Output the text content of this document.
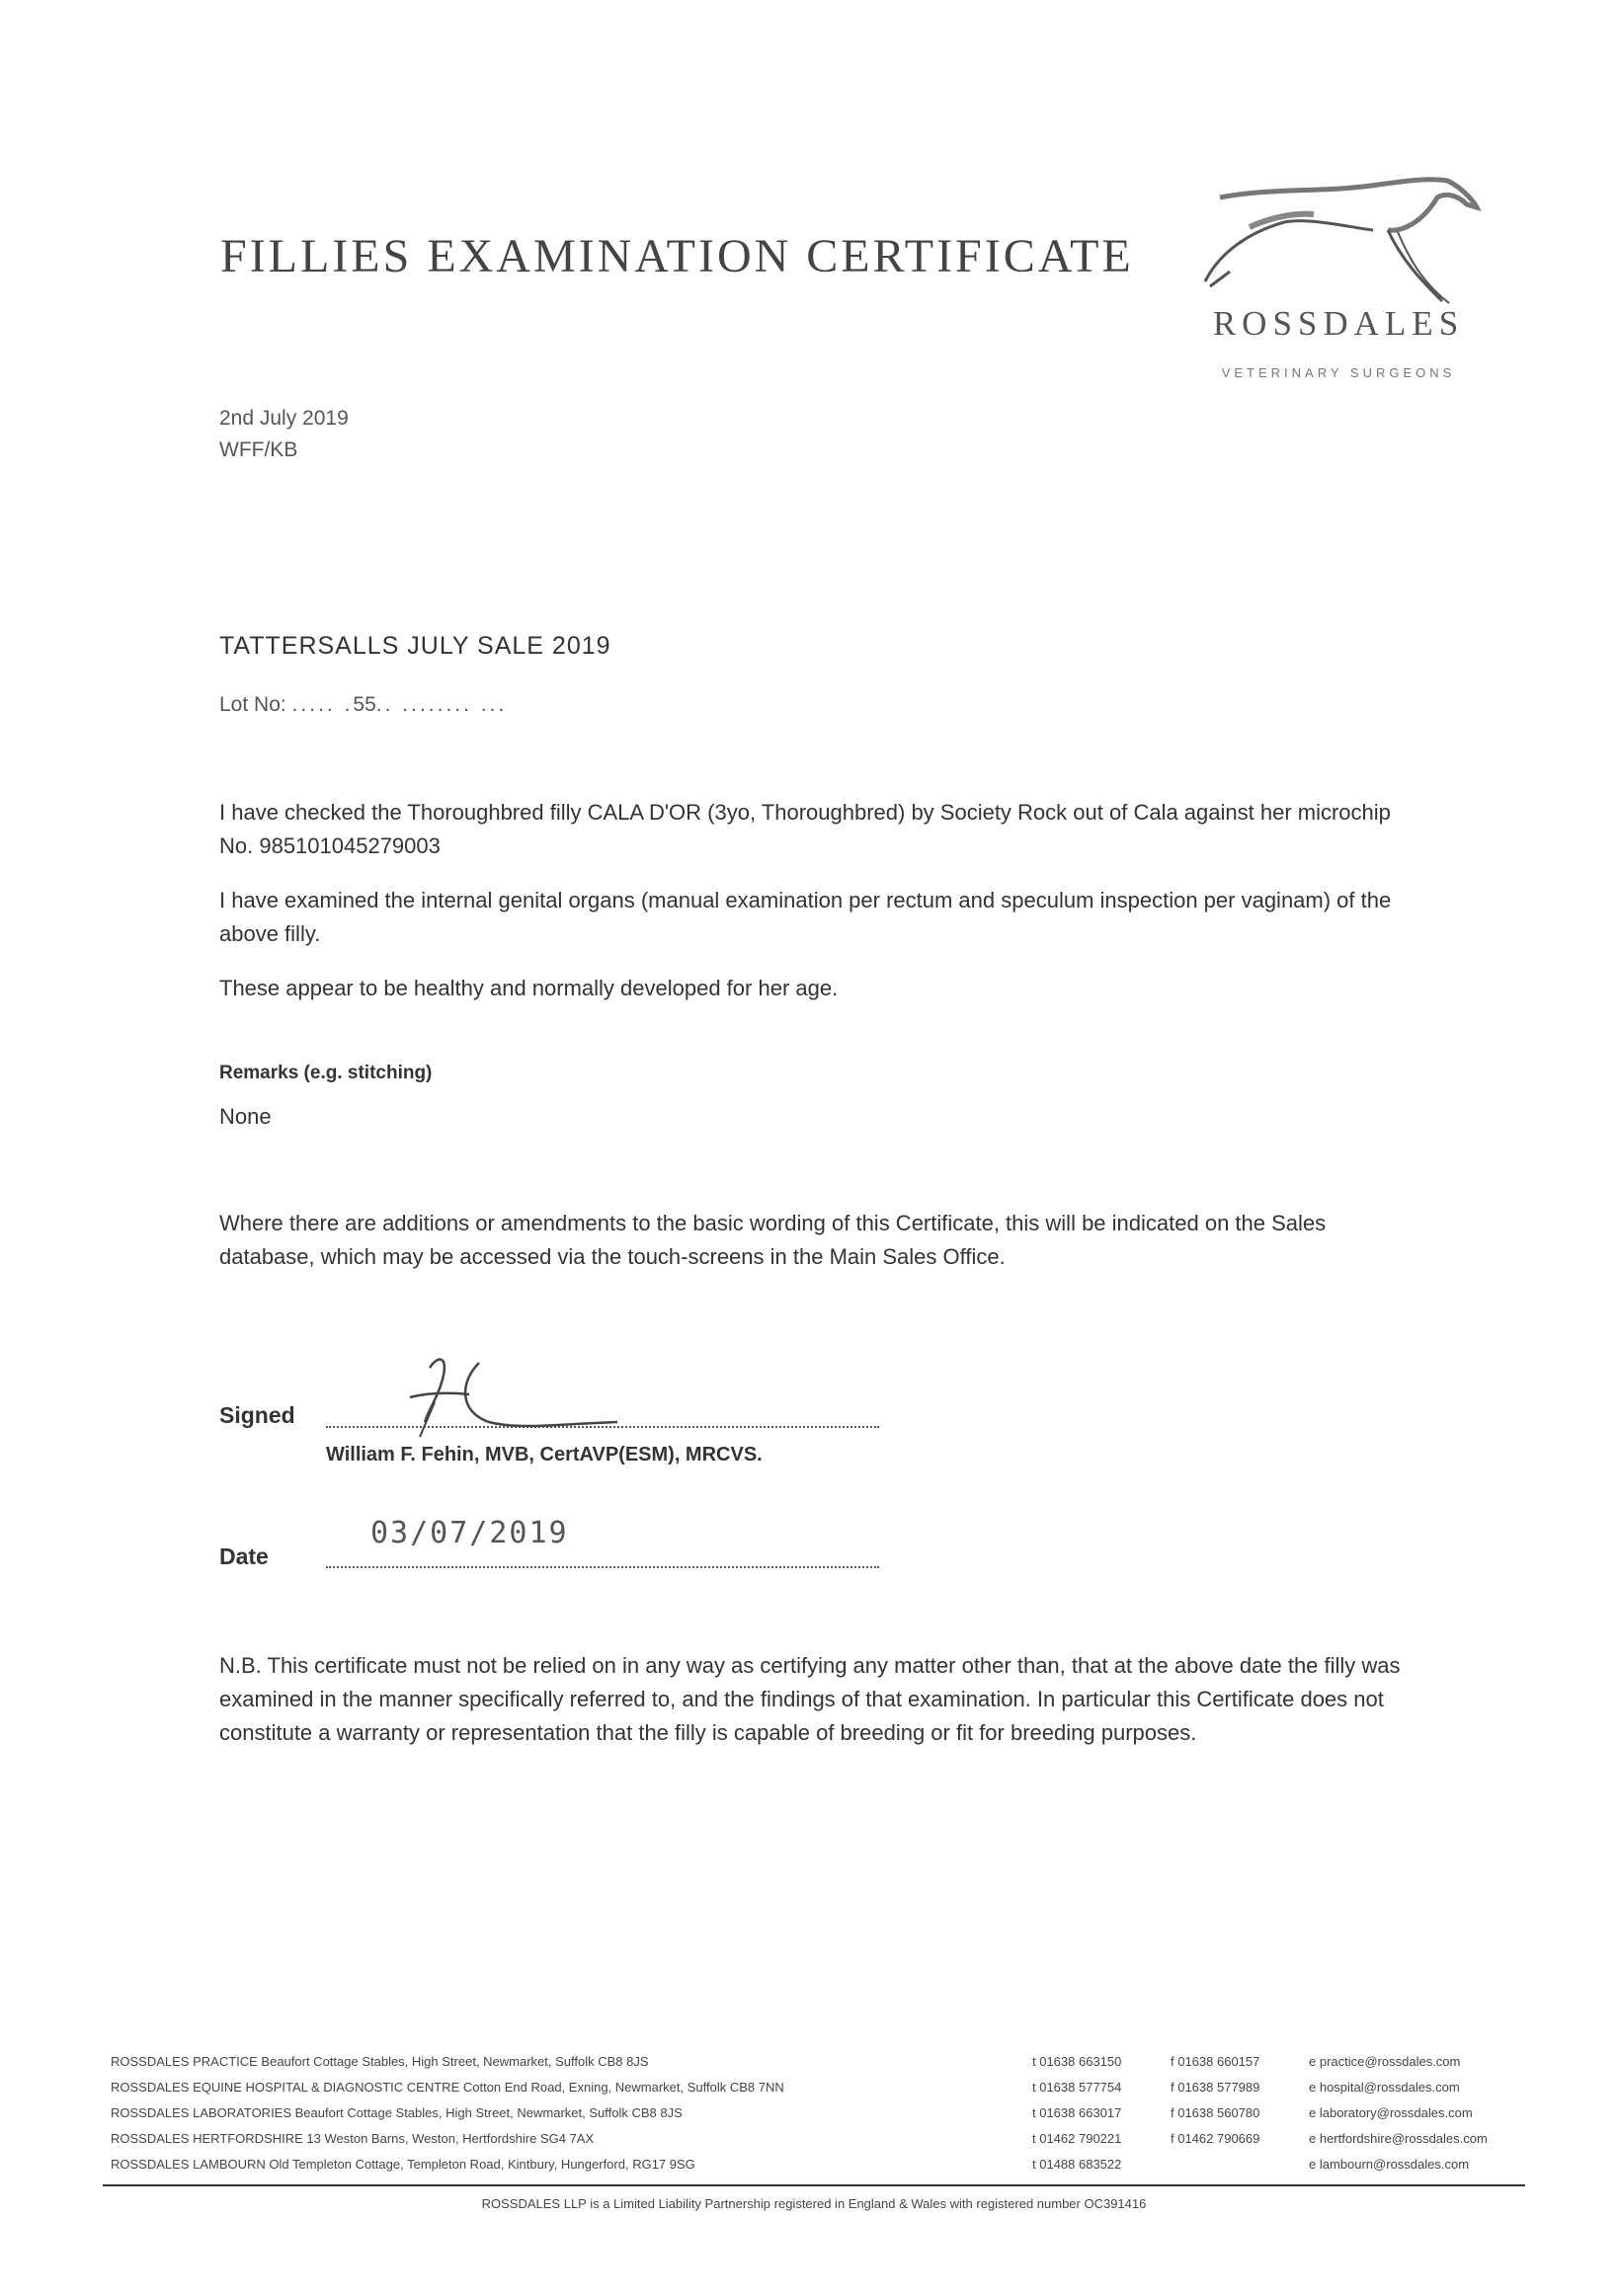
FILLIES EXAMINATION CERTIFICATE
ROSSDALES
VETERINARY SURGEONS
2nd July 2019
WFF/KB
TATTERSALLS JULY SALE 2019
Lot No: ..... .55.. ........ ...
I have checked the Thoroughbred filly CALA D'OR (3yo, Thoroughbred) by Society Rock out of Cala against her microchip No. 985101045279003
I have examined the internal genital organs (manual examination per rectum and speculum inspection per vaginam) of the above filly.
These appear to be healthy and normally developed for her age.
Remarks (e.g. stitching)
None
Where there are additions or amendments to the basic wording of this Certificate, this will be indicated on the Sales database, which may be accessed via the touch-screens in the Main Sales Office.
Signed
William F. Fehin, MVB, CertAVP(ESM), MRCVS.
Date
03/07/2019
N.B. This certificate must not be relied on in any way as certifying any matter other than, that at the above date the filly was examined in the manner specifically referred to, and the findings of that examination. In particular this Certificate does not constitute a warranty or representation that the filly is capable of breeding or fit for breeding purposes.
ROSSDALES PRACTICE Beaufort Cottage Stables, High Street, Newmarket, Suffolk CB8 8JS	t 01638 663150	f 01638 660157	e practice@rossdales.com
ROSSDALES EQUINE HOSPITAL & DIAGNOSTIC CENTRE Cotton End Road, Exning, Newmarket, Suffolk CB8 7NN	t 01638 577754	f 01638 577989	e hospital@rossdales.com
ROSSDALES LABORATORIES Beaufort Cottage Stables, High Street, Newmarket, Suffolk CB8 8JS	t 01638 663017	f 01638 560780	e laboratory@rossdales.com
ROSSDALES HERTFORDSHIRE 13 Weston Barns, Weston, Hertfordshire SG4 7AX	t 01462 790221	f 01462 790669	e hertfordshire@rossdales.com
ROSSDALES LAMBOURN Old Templeton Cottage, Templeton Road, Kintbury, Hungerford, RG17 9SG	t 01488 683522	e lambourn@rossdales.com
ROSSDALES LLP is a Limited Liability Partnership registered in England & Wales with registered number OC391416
